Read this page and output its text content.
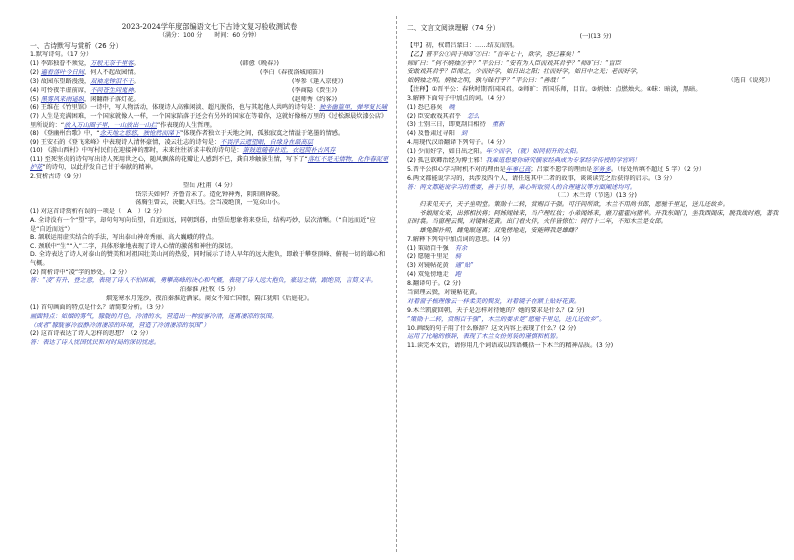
2023-2024学年度部编语文七下古诗文复习验收测试卷
（满分：100 分　　时间：60 分钟）
一、古诗默写与赏析（26 分）
1.默写诗句。（17 分）
(1) 李郢独眷不须觉，万般无奈千里客。	(韩愈《晚春》)
(2) 遍看落叶今日间，何人不起故园情。	(李白《春夜洛城闻笛》)
(3) 故园东望路漫漫，双袖龙钟泪不干。	(岑参《逢入京使》)
(4) 可怜夜半虚前席，不问苍生问鬼神。	(李商隐《贾生》)
(5) 黑雾风来雨遥纵，闲翻群子落灯花。	(赵师秀《约客》)
(6) 王维在《竹里馆》一诗中，写人物活动，体现诗人高雅闲淡、超凡脱俗，也与其起他人共鸣的诗句是：独坐幽篁里，弹琴复长啸
(7) 人生是充满困难，一个国家就像人一样，一个国家陷落于还会有另外的国家在等着你，这就好像杨万里的《过松源晨炊漆公店》里所说的：“放入万山圈子里，一山放出一山拦”作表现的人生哲理。
(8) 《登幽州台歌》中，“念天地之悠悠，独怆然而涕下”体现作者独立于天地之间，孤独寂寞之情溢于笔墨的情感。
(9) 王安石的《登飞来峰》中表现诗人清怀豪情，凌云壮志的诗句是：不畏浮云遮望眼，自缘身在最高层
(10) 《游山西村》中写村民们在迎接神的那时，未来往往祈求丰收的诗句是：箫鼓追随春社近，衣冠简朴古风存
(11) 至死坚贞的诗句写出诗人死用世之心，随风飘落的花瓣让人感到不已，龚自珍触景生情，写下了“落红不是无情物，化作春泥更护花”的诗句，以此抒发自己甘于奉献的精神。
2.赏析古诗（9 分）
望岳 /杜甫（4 分）
岱宗夫如何？齐鲁青未了。造化钟神秀，阴阳割昏晓。
荡胸生曾云，决眦入归鸟。会当凌绝顶，一览众山小。
(1) 对这首诗赏析有误的一项是（　A　）（2 分）
A. 全诗没有一个“望”字，却句句写向岳望，自近而远，同朝到暮，由望岳想象将来登岳，结构巧妙，层次清晰。（“自远而近”应是“自近而远”）
B. 颔联运用虚实结合的手法，写出泰山神奇秀丽、高大巍峨的特点。
C. 颈联中“生”“入”二字，具体形象地表现了诗人心情的激荡和神往的深切。
D. 全诗表达了诗人对泰山的赞美和对祖国壮美山河的热爱，同时展示了诗人早年的远大抱负，即敢于攀登顶峰、俯视一切的雄心和气概。
(2) 简析诗中“凌”字的妙处。（2 分）
答：“凌”有升、登之意，表现了诗人不怕困难，勇攀高峰的决心和气概，表现了诗人远大抱负，豪迈之情，跟绝顶，言简义丰。
泊秦淮 /杜牧（5 分）
烟笼寒水月笼沙，夜泊秦淮近酒家。商女不知亡国恨，隔江犹唱《后庭花》。
(1) 首句画面的特点是什么？请简要分析。（3 分）
画面特点：如烟的雾气，朦胧的月色，冷清的水，营造出一种寂寥冷清，迷离凄凉的氛围。
（或者“朦胧寥冷寂静冷清凄凉的环境，营造了冷清凄凉的氛围”）
(2) 这首诗表达了诗人怎样的思想？（2 分）
答：表达了诗人忧国忧民和对时局的深切忧虑。
二、文言文阅读理解（74 分）
(一)(13 分)
【甲】初，权谓吕蒙曰：……结友而别。
【乙】晋平公①问于师旷②曰：“吾年七十，欲学，恐已暮矣！”
师旷曰：“何不炳烛③乎？”平公曰：“安有为人臣而戏其君乎？”师旷曰：“盲臣
安敢戏其君乎？臣闻之，少而好学，如日出之阳；壮而好学，如日中之光；老而好学，
如炳烛之明。炳烛之明，孰与昧行乎？”平公曰：“善哉！”	（选自《说苑》）
【注释】①晋平公：春秋时期晋国国君。②师旷：晋国乐师，目盲。③炳烛：点燃烛火。④昧：暗淡，黑暗。
3.解释下面句子中加点的词。（4 分）
(1) 恐已暮矣　 晚
(2) 臣安敢戏其君乎　 怎么
(3) 士别三日，即更刮目相待　 重新
(4) 及鲁肃过寻阳　 到
4.用现代汉语翻译下列句子。（4 分）
(1) 少而好学，如日出之阳。年少而学，（就）如同初升的太阳。
(2) 孤岂欲卿治经为博士邪！我难道想要你研究儒家经典成为专掌经学传授的学官吗！
5.晋平公担心学习时机不对的理由是年事已高；吕蒙不愿学的理由是军务多。（每处所填不超过 5 字）（2 分）
6.两文都能说学习的，共涉及四个人，请任选其中二者的故事，谈谈读完之后获得的启示。（3 分）
答：两文都能说学习的重要，善于引导，乘心听取别人的合理建议等方面阐述均可。
（二）木兰诗（节选）(13 分)
归来见天子，天子坐明堂。策勋十二转，赏赐百千强。可汗问所欲，木兰不用尚书郎，愿驰千里足，送儿还故乡。
爷娘闻女来，出郭相扶将；阿姊闻妹来，当户理红妆；小弟闻姊来，磨刀霍霍向猪羊。开我东阁门，坐我西阁床，脱我战时袍，著我旧时裳。当窗理云鬓，对镜帖花黄。出门看火伴，火伴皆惊忙：同行十二年，不知木兰是女郎。
雄兔脚扑朔，雌兔眼迷离；双兔傍地走，安能辨我是雄雌？
7.解释下列句中加点词的意思。(4 分)
(1) 策勋百千强　 有余
(2) 愿驰千里足　 骑
(3) 对镜帖花黄　 通“贴”
(4) 双兔傍地走　 跑
8.翻译句子。(2 分)
当窗理云鬓，对镜帖花黄。
对着窗子梳理像云一样柔美的鬓发，对着镜子在额上贴好花黄。
9.木兰凯旋回朝，天子是怎样对待她的？她的要求是什么？(2 分)
“策勋十二转，赏赐百千强”，木兰的要求是“愿驰千里足，送儿还故乡”。
10.画线的句子用了什么修辞？这文内容上表现了什么？(2 分)
运用了比喻的修辞，表现了木兰女扮男装的谨慎和机智。
11.读完本文后，请你用几个词语或以四语概括一下木兰的精神品质。(3 分)
